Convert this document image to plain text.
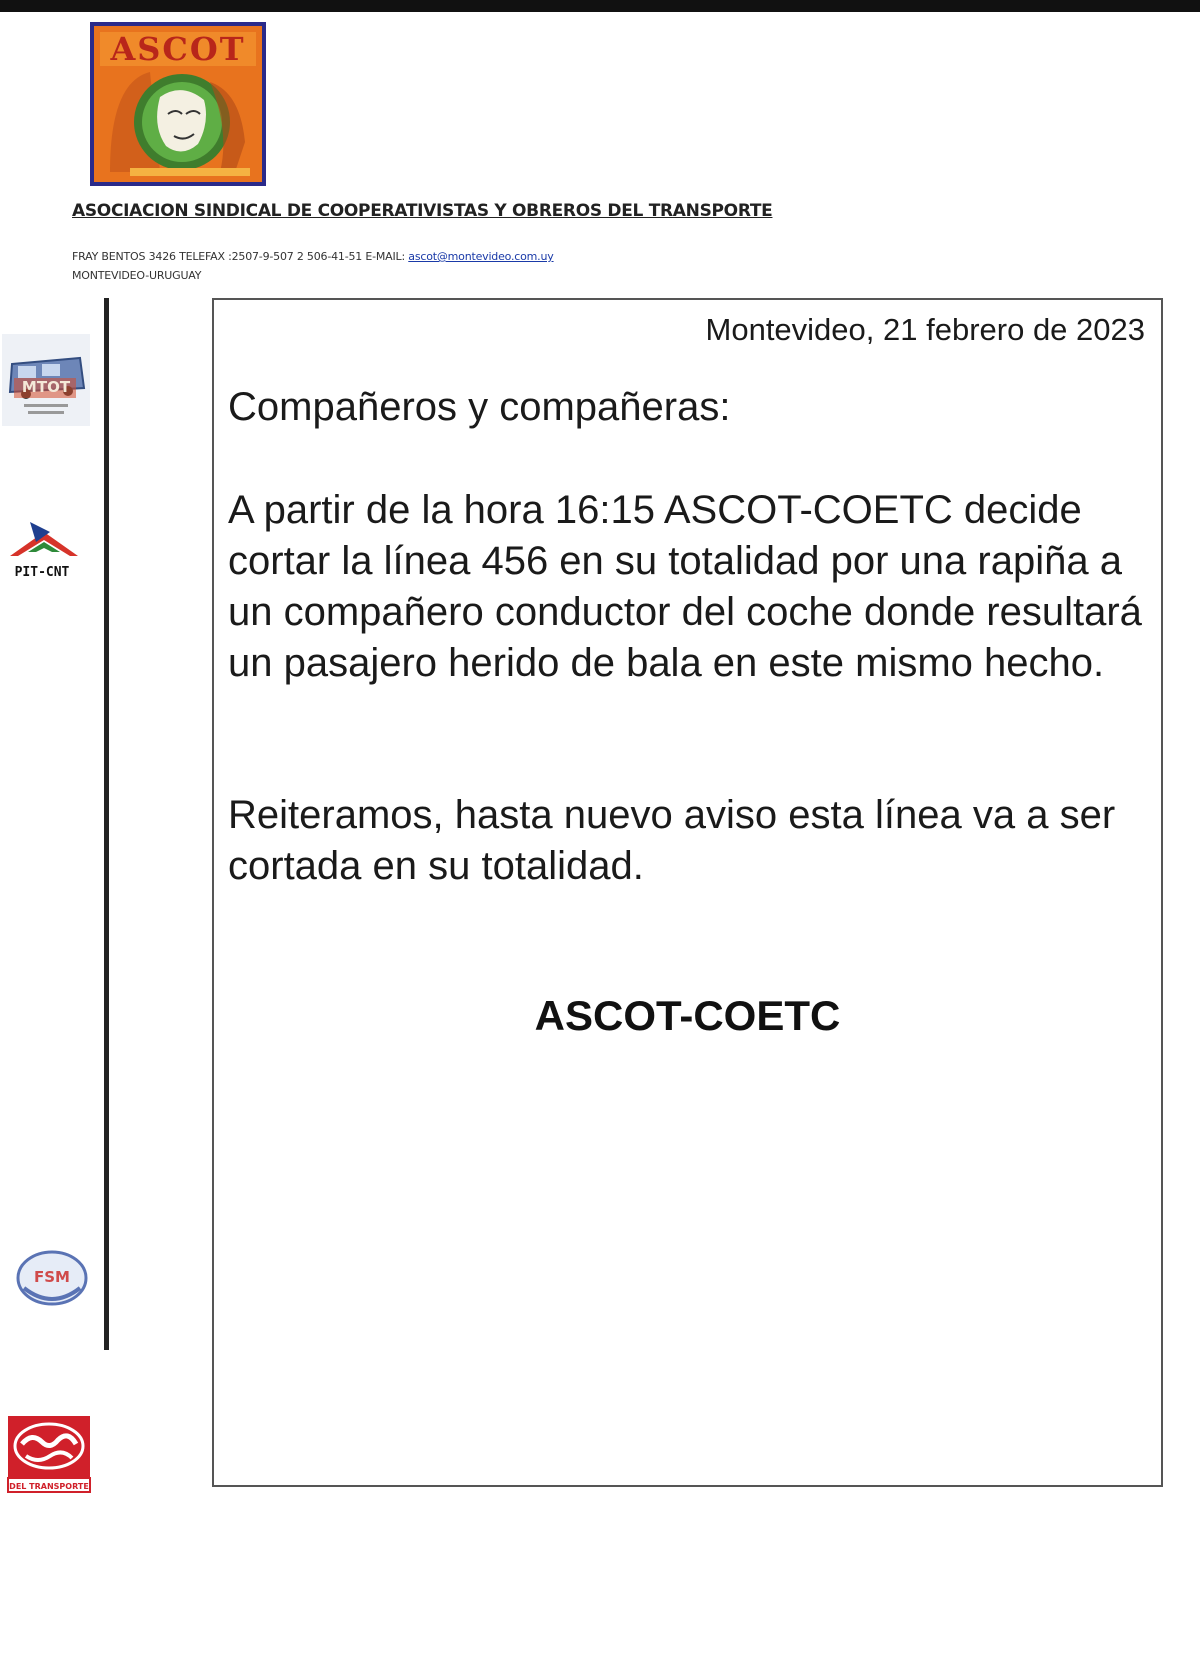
ASCOT
ASOCIACION SINDICAL DE COOPERATIVISTAS Y OBREROS DEL TRANSPORTE
FRAY BENTOS 3426 TELEFAX :2507-9-507 2 506-41-51 E-MAIL: ascot@montevideo.com.uy
MONTEVIDEO-URUGUAY
MTOT
PIT-CNT
FSM
DEL TRANSPORTE
Montevideo, 21 febrero de 2023

Compañeros y compañeras:

A partir de la hora 16:15 ASCOT-COETC decide cortar la línea 456 en su totalidad por una rapiña a un compañero conductor del coche donde resultará un pasajero herido de bala en este mismo hecho.

Reiteramos, hasta nuevo aviso esta línea va a ser cortada en su totalidad.

ASCOT-COETC
